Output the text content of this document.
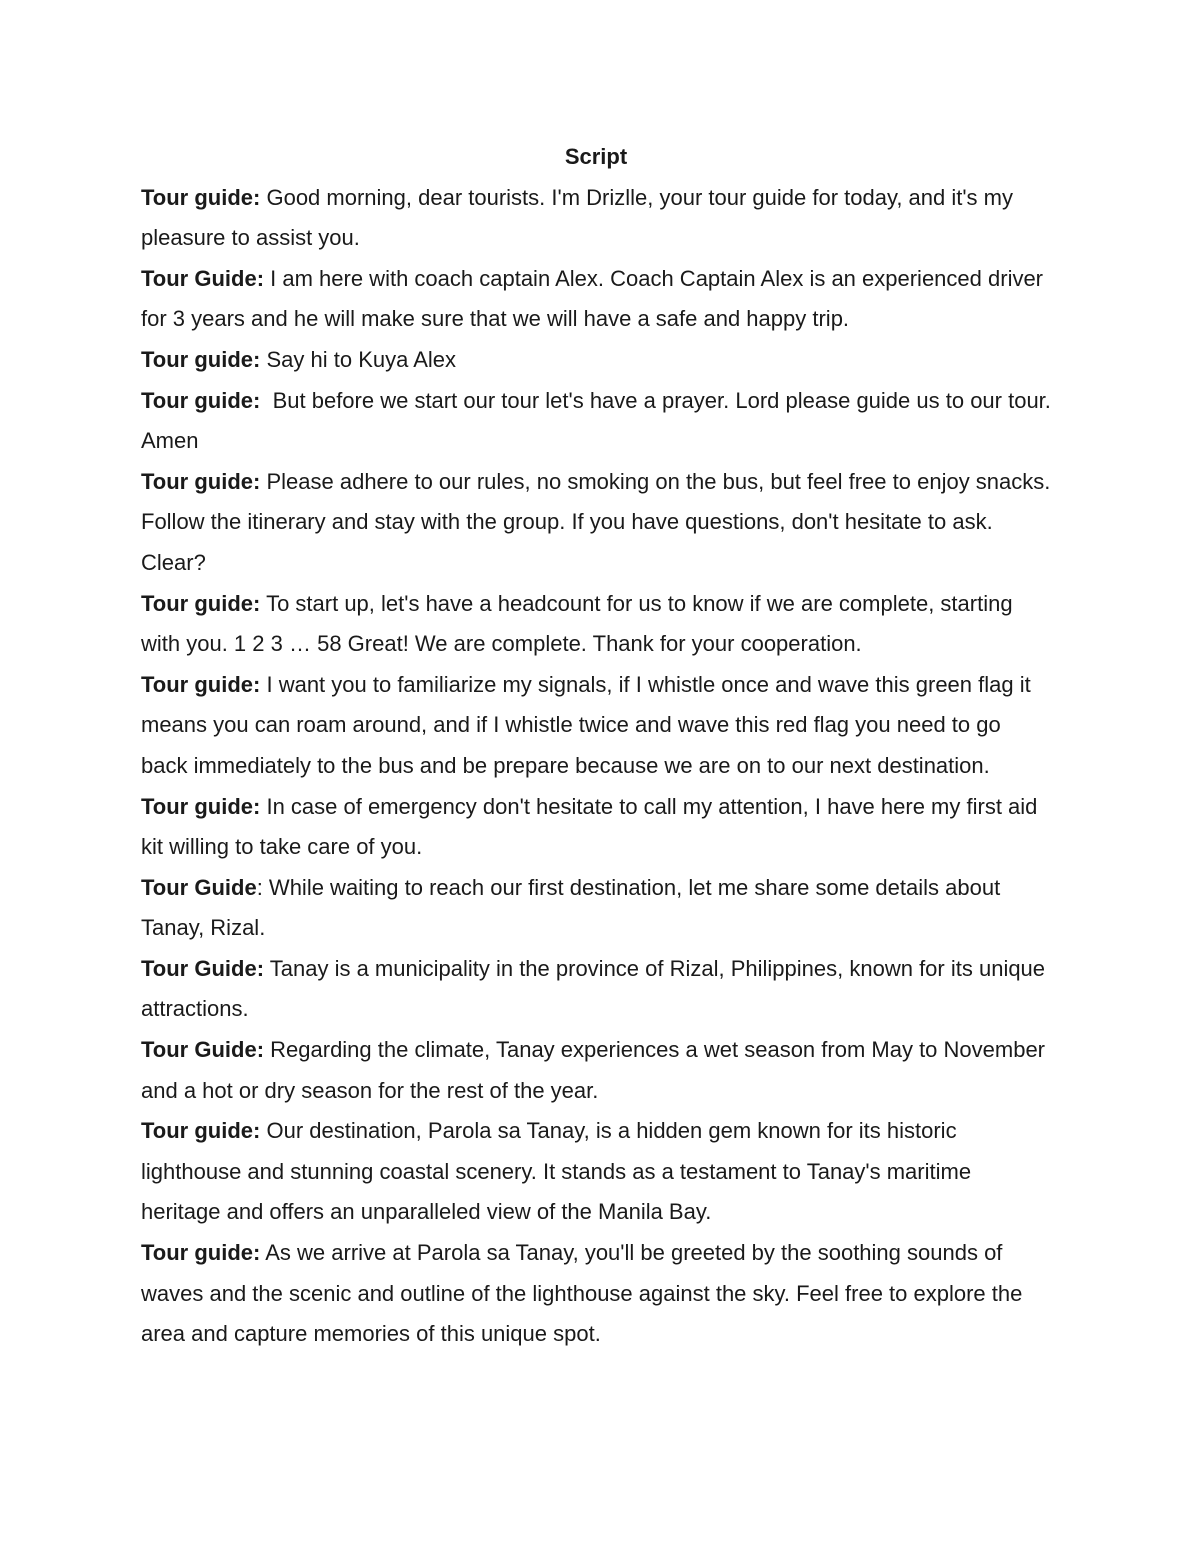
Script

Tour guide: Good morning, dear tourists. I'm Drizlle, your tour guide for today, and it's my pleasure to assist you.

Tour Guide: I am here with coach captain Alex. Coach Captain Alex is an experienced driver for 3 years and he will make sure that we will have a safe and happy trip.

Tour guide: Say hi to Kuya Alex

Tour guide:  But before we start our tour let's have a prayer. Lord please guide us to our tour. Amen

Tour guide: Please adhere to our rules, no smoking on the bus, but feel free to enjoy snacks. Follow the itinerary and stay with the group. If you have questions, don't hesitate to ask. Clear?

Tour guide: To start up, let's have a headcount for us to know if we are complete, starting with you. 1 2 3 … 58 Great! We are complete. Thank for your cooperation.

Tour guide: I want you to familiarize my signals, if I whistle once and wave this green flag it means you can roam around, and if I whistle twice and wave this red flag you need to go back immediately to the bus and be prepare because we are on to our next destination.

Tour guide: In case of emergency don't hesitate to call my attention, I have here my first aid kit willing to take care of you.

Tour Guide: While waiting to reach our first destination, let me share some details about Tanay, Rizal.

Tour Guide: Tanay is a municipality in the province of Rizal, Philippines, known for its unique attractions.

Tour Guide: Regarding the climate, Tanay experiences a wet season from May to November and a hot or dry season for the rest of the year.

Tour guide: Our destination, Parola sa Tanay, is a hidden gem known for its historic lighthouse and stunning coastal scenery. It stands as a testament to Tanay's maritime heritage and offers an unparalleled view of the Manila Bay.

Tour guide: As we arrive at Parola sa Tanay, you'll be greeted by the soothing sounds of waves and the scenic and outline of the lighthouse against the sky. Feel free to explore the area and capture memories of this unique spot.
